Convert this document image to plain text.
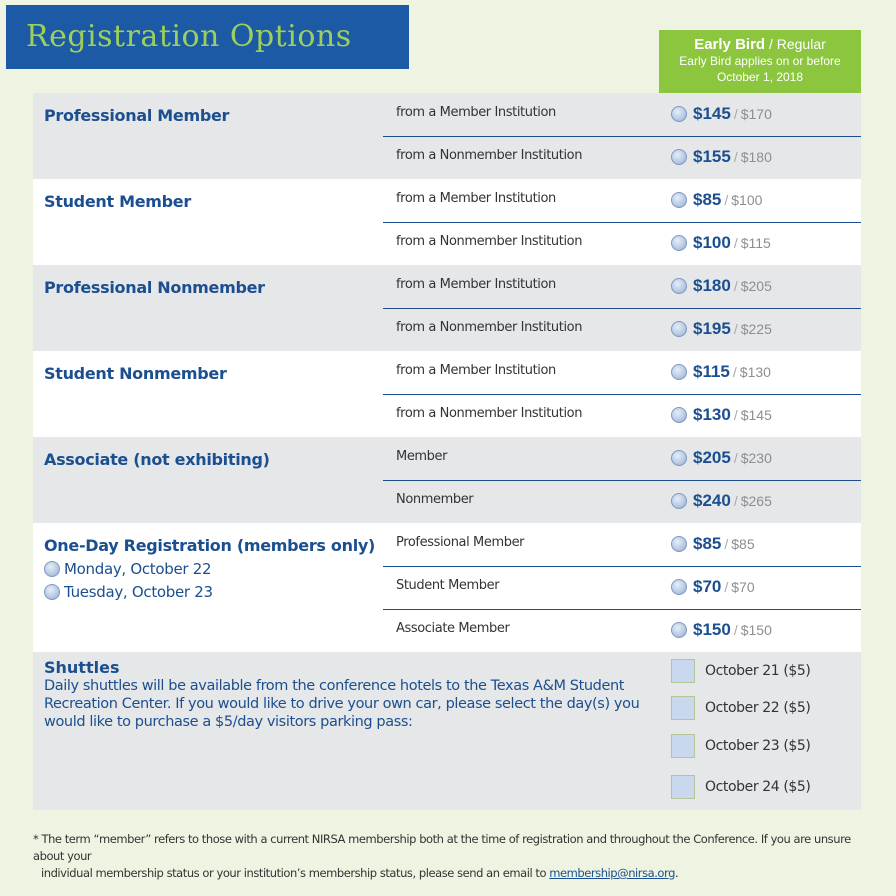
Registration Options	Early Bird / Regular
Early Bird applies on or before
October 1, 2018
Professional Member	from a Member Institution	$145 / $170
from a Nonmember Institution	$155 / $180
Student Member	from a Member Institution	$85 / $100
from a Nonmember Institution	$100 / $115
Professional Nonmember	from a Member Institution	$180 / $205
from a Nonmember Institution	$195 / $225
Student Nonmember	from a Member Institution	$115 / $130
from a Nonmember Institution	$130 / $145
Associate (not exhibiting)	Member	$205 / $230
Nonmember	$240 / $265
One-Day Registration (members only)
Monday, October 22
Tuesday, October 23
Professional Member	$85 / $85
Student Member	$70 / $70
Associate Member	$150 / $150
Shuttles
Daily shuttles will be available from the conference hotels to the Texas A&M Student Recreation Center. If you would like to drive your own car, please select the day(s) you would like to purchase a $5/day visitors parking pass:
October 21 ($5)
October 22 ($5)
October 23 ($5)
October 24 ($5)
* The term “member” refers to those with a current NIRSA membership both at the time of registration and throughout the Conference. If you are unsure about your
individual membership status or your institution’s membership status, please send an email to membership@nirsa.org.
